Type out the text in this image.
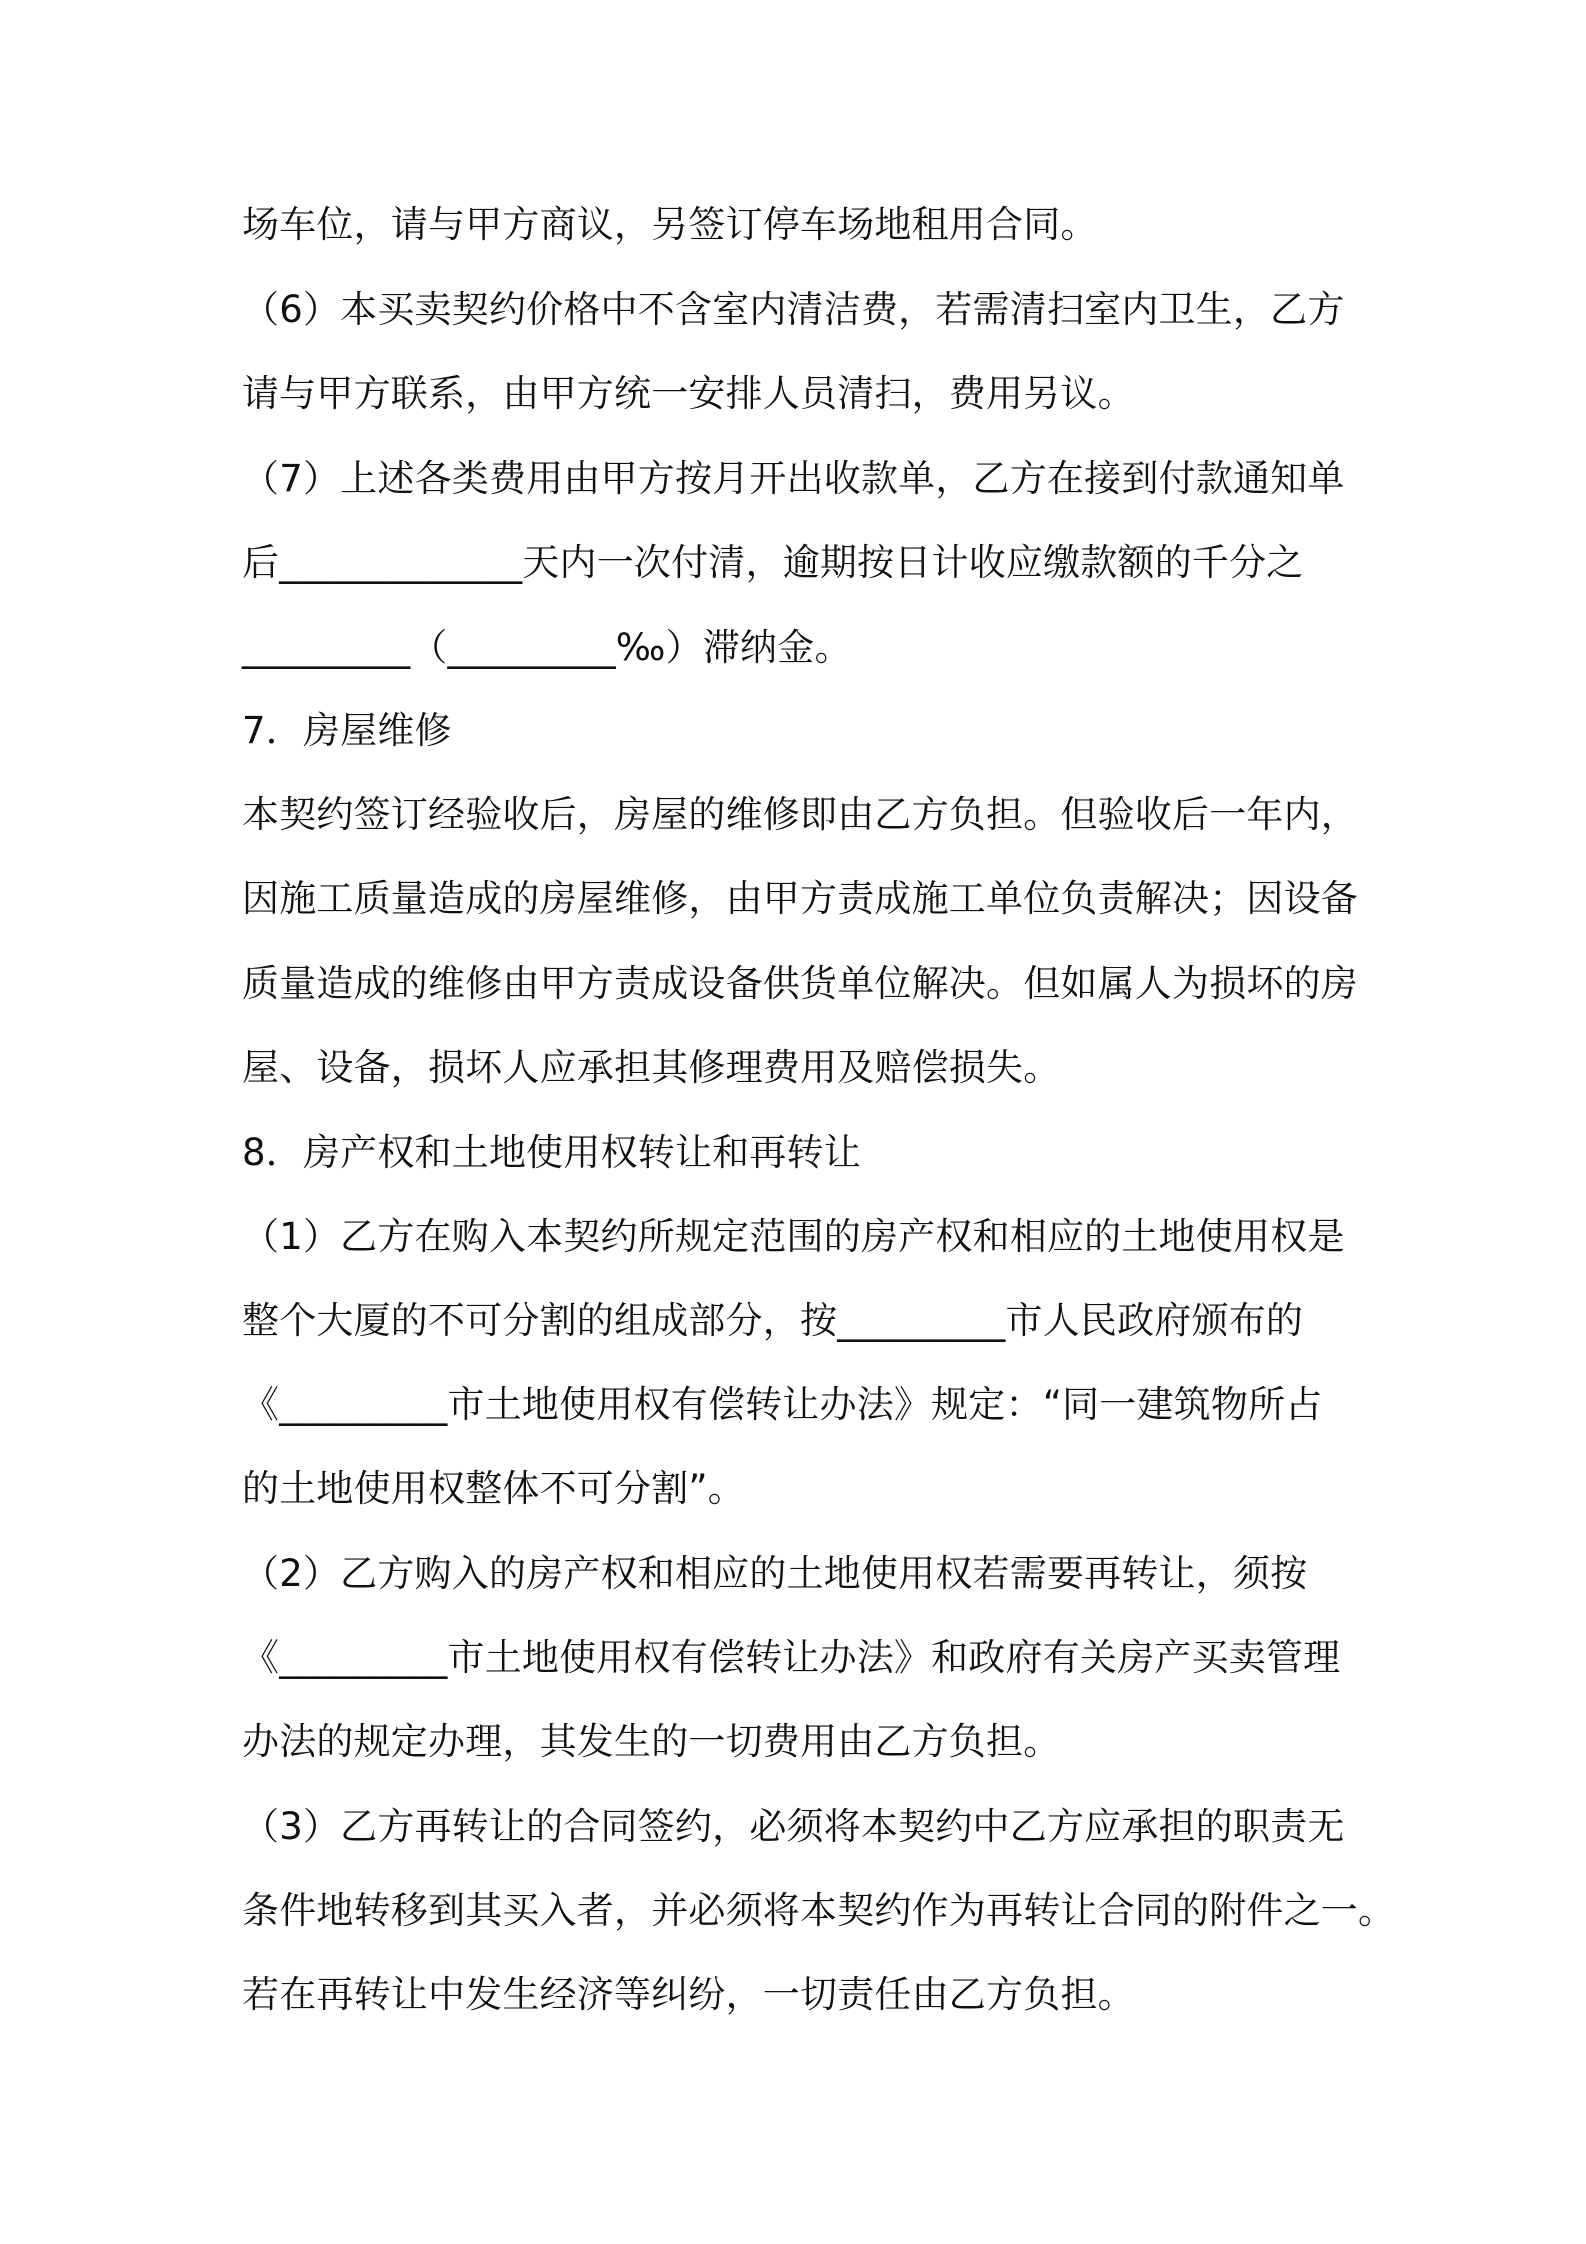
场车位，请与甲方商议，另签订停车场地租用合同。
（6）本买卖契约价格中不含室内清洁费，若需清扫室内卫生，乙方
请与甲方联系，由甲方统一安排人员清扫，费用另议。
（7）上述各类费用由甲方按月开出收款单，乙方在接到付款通知单
后_____________天内一次付清，逾期按日计收应缴款额的千分之
_________（_________‰）滞纳金。
7．房屋维修
本契约签订经验收后，房屋的维修即由乙方负担。但验收后一年内，
因施工质量造成的房屋维修，由甲方责成施工单位负责解决；因设备
质量造成的维修由甲方责成设备供货单位解决。但如属人为损坏的房
屋、设备，损坏人应承担其修理费用及赔偿损失。
8．房产权和土地使用权转让和再转让
（1）乙方在购入本契约所规定范围的房产权和相应的土地使用权是
整个大厦的不可分割的组成部分，按_________市人民政府颁布的
《_________市土地使用权有偿转让办法》规定：“同一建筑物所占
的土地使用权整体不可分割”。
（2）乙方购入的房产权和相应的土地使用权若需要再转让，须按
《_________市土地使用权有偿转让办法》和政府有关房产买卖管理
办法的规定办理，其发生的一切费用由乙方负担。
（3）乙方再转让的合同签约，必须将本契约中乙方应承担的职责无
条件地转移到其买入者，并必须将本契约作为再转让合同的附件之一。
若在再转让中发生经济等纠纷，一切责任由乙方负担。
